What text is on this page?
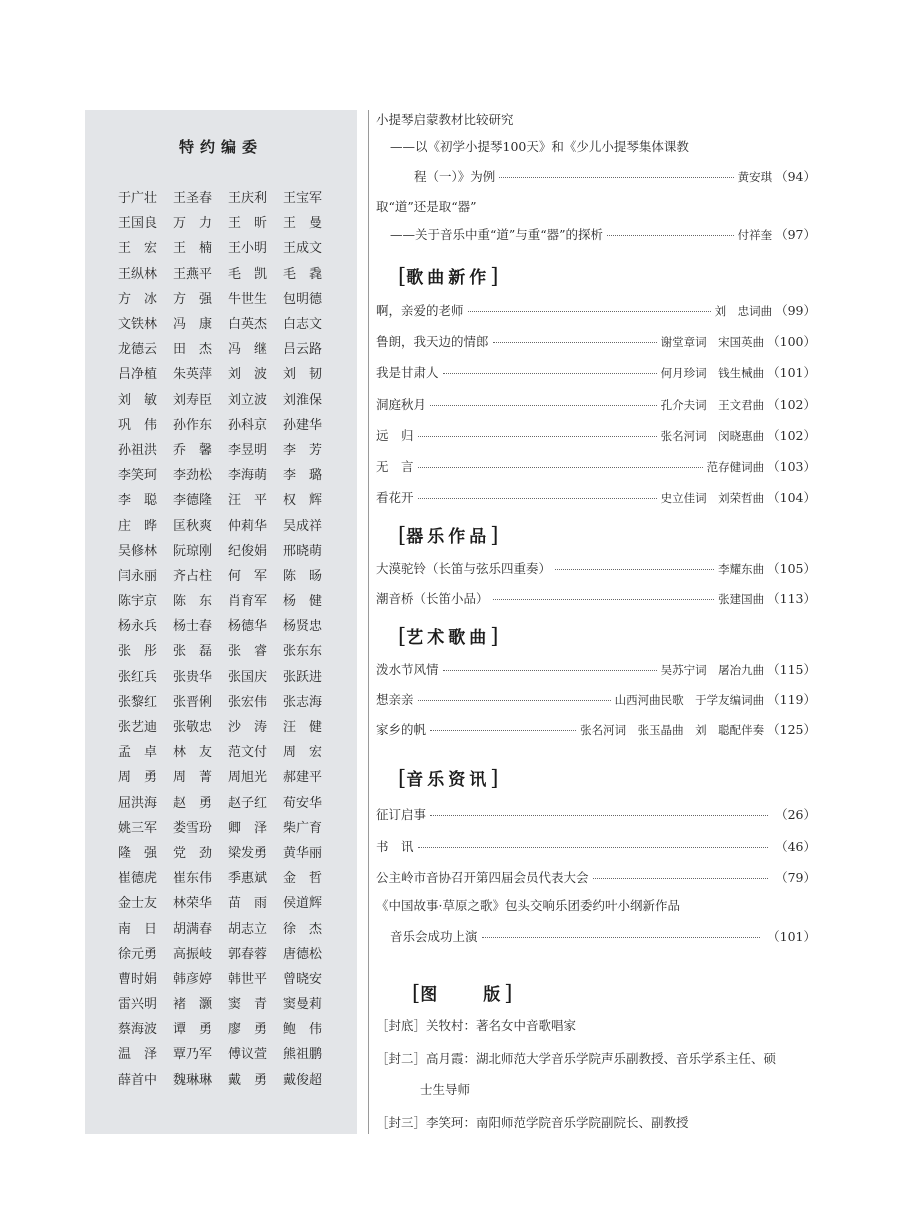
特约编委
于广壮	王圣春	王庆利	王宝军
王国良	万　力	王　昕	王　曼
王　宏	王　楠	王小明	王成文
王纵林	王燕平	毛　凯	毛　毳
方　冰	方　强	牛世生	包明德
文铁林	冯　康	白英杰	白志文
龙德云	田　杰	冯　继	吕云路
吕净植	朱英萍	刘　波	刘　韧
刘　敏	刘寿臣	刘立波	刘淮保
巩　伟	孙作东	孙科京	孙建华
孙祖洪	乔　馨	李昱明	李　芳
李笑珂	李劲松	李海萌	李　璐
李　聪	李德隆	汪　平	权　辉
庄　晔	匡秋爽	仲莉华	吴成祥
吴修林	阮琼刚	纪俊娟	邢晓萌
闫永丽	齐占柱	何　军	陈　旸
陈宇京	陈　东	肖育军	杨　健
杨永兵	杨士春	杨德华	杨贤忠
张　彤	张　磊	张　睿	张东东
张红兵	张贵华	张国庆	张跃进
张黎红	张晋俐	张宏伟	张志海
张艺迪	张敬忠	沙　涛	汪　健
孟　卓	林　友	范文付	周　宏
周　勇	周　菁	周旭光	郝建平
屈洪海	赵　勇	赵子红	荀安华
姚三军	娄雪玢	卿　泽	柴广育
隆　强	党　劲	梁发勇	黄华丽
崔德虎	崔东伟	季惠斌	金　哲
金士友	林荣华	苗　雨	侯道辉
南　日	胡满春	胡志立	徐　杰
徐元勇	高振岐	郭春蓉	唐德松
曹时娟	韩彦婷	韩世平	曾晓安
雷兴明	褚　灏	窦　青	窦曼莉
蔡海波	谭　勇	廖　勇	鲍　伟
温　泽	覃乃军	傅议萱	熊祖鹏
薛首中	魏琳琳	戴　勇	戴俊超
小提琴启蒙教材比较研究
——以《初学小提琴100天》和《少儿小提琴集体课教
程（一）》为例	黄安琪 （94）
取“道”还是取“器”
——关于音乐中重“道”与重“器”的探析	付祥奎 （97）
[歌曲新作]
啊，亲爱的老师	刘　忠词曲 （99）
鲁朗，我天边的情郎	谢堂章词　宋国英曲 （100）
我是甘肃人	何月珍词　钱生械曲 （101）
洞庭秋月	孔介夫词　王文君曲 （102）
远　归	张名河词　闵晓惠曲 （102）
无　言	范存健词曲 （103）
看花开	史立佳词　刘荣哲曲 （104）
[器乐作品]
大漠驼铃（长笛与弦乐四重奏）	李耀东曲 （105）
潮音桥（长笛小品）	张建国曲 （113）
[艺术歌曲]
泼水节风情	吴苏宁词　屠冶九曲 （115）
想亲亲	山西河曲民歌　于学友编词曲 （119）
家乡的帆	张名河词　张玉晶曲　刘　聪配伴奏 （125）
[音乐资讯]
征订启事	（26）
书　讯	（46）
公主岭市音协召开第四届会员代表大会	（79）
《中国故事·草原之歌》包头交响乐团委约叶小纲新作品
音乐会成功上演	（101）
[图　　版]
［封底］关牧村：著名女中音歌唱家
［封二］高月霞：湖北师范大学音乐学院声乐副教授、音乐学系主任、硕
士生导师
［封三］李笑珂：南阳师范学院音乐学院副院长、副教授
